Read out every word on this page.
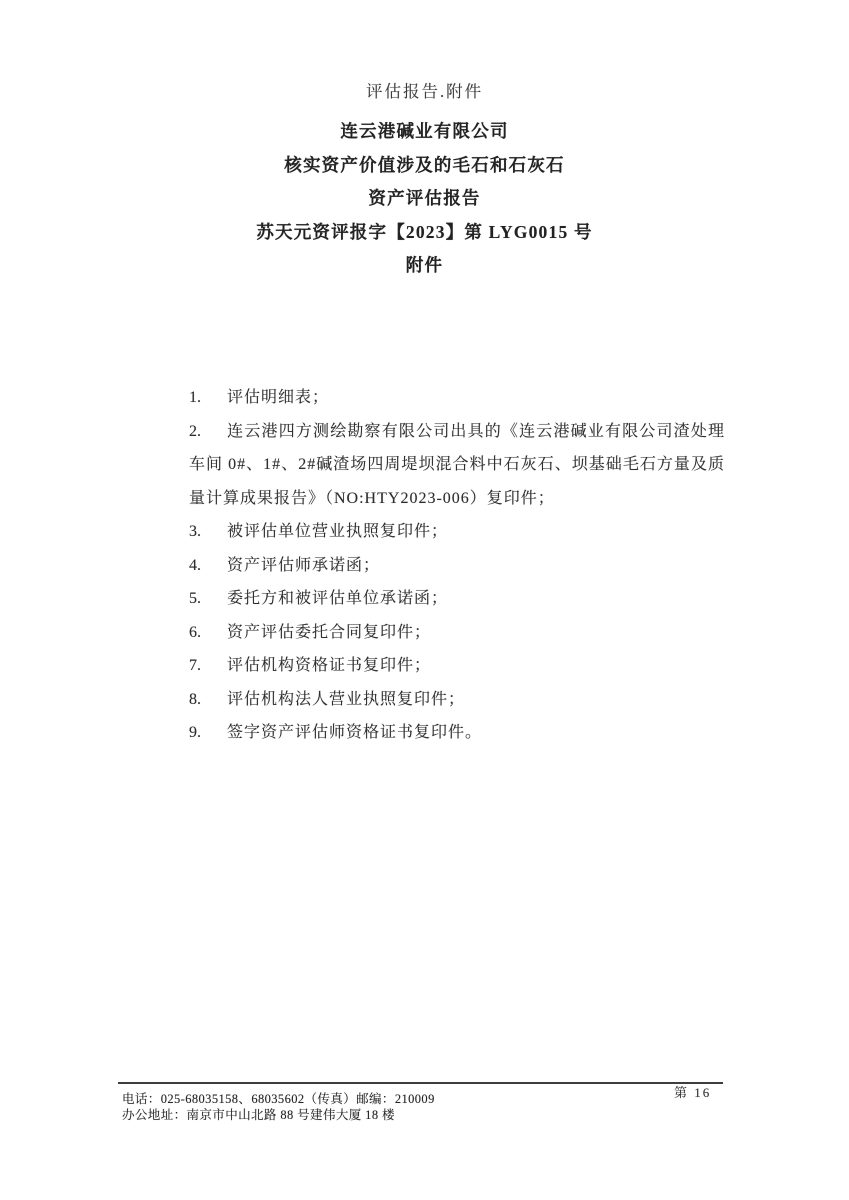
评估报告.附件
连云港碱业有限公司
核实资产价值涉及的毛石和石灰石
资产评估报告
苏天元资评报字【2023】第 LYG0015 号
附件

1. 评估明细表；

2. 连云港四方测绘勘察有限公司出具的《连云港碱业有限公司渣处理车间 0#、1#、2#碱渣场四周堤坝混合料中石灰石、坝基础毛石方量及质量计算成果报告》（NO:HTY2023-006）复印件；

3. 被评估单位营业执照复印件；

4. 资产评估师承诺函；

5. 委托方和被评估单位承诺函；

6. 资产评估委托合同复印件；

7. 评估机构资格证书复印件；

8. 评估机构法人营业执照复印件；

9. 签字资产评估师资格证书复印件。

电话：025-68035158、68035602（传真）邮编：210009
办公地址：南京市中山北路 88 号建伟大厦 18 楼
第 16
